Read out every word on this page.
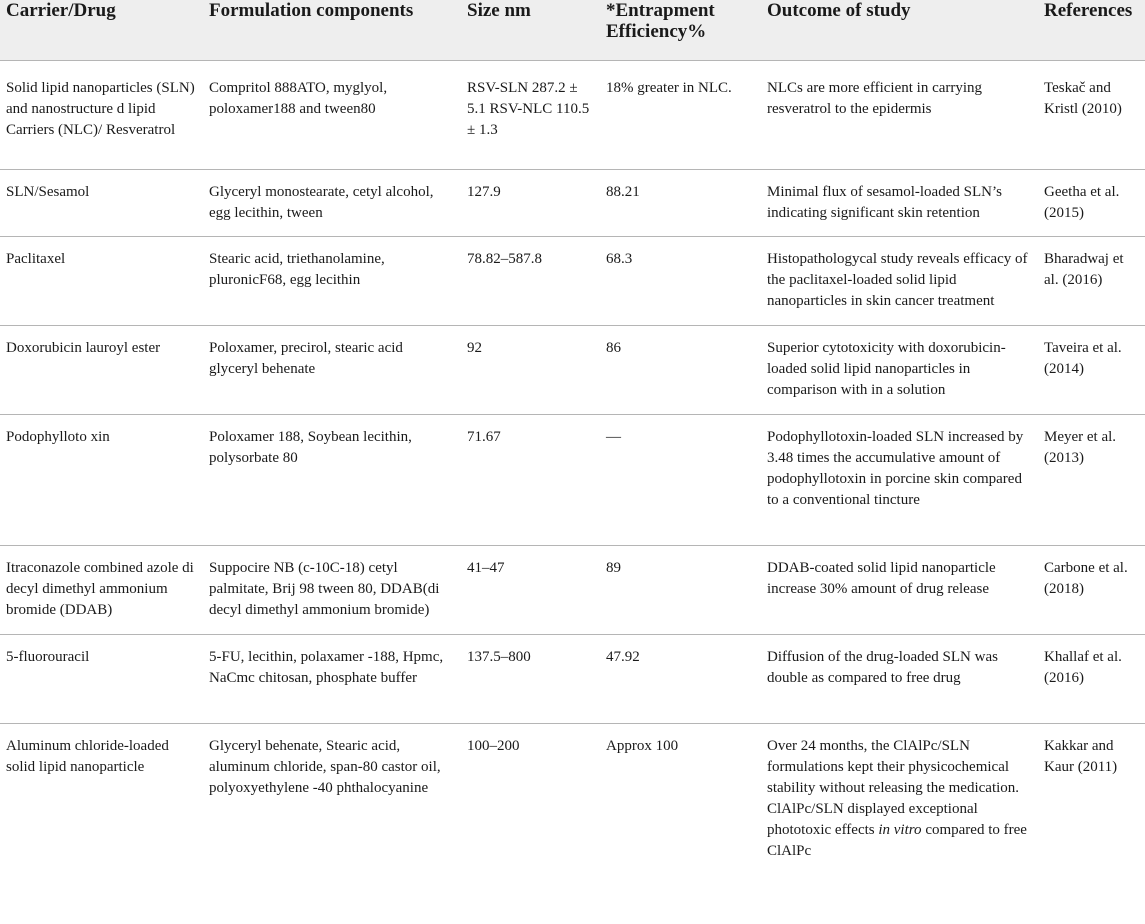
Carrier/Drug	Formulation components	Size nm	*Entrapment Efficiency%	Outcome of study	References
Solid lipid nanoparticles (SLN) and nanostructure d lipid Carriers (NLC)/ Resveratrol	Compritol 888ATO, myglyol, poloxamer188 and tween80	RSV-SLN 287.2 ± 5.1 RSV-NLC 110.5 ± 1.3	18% greater in NLC.	NLCs are more efficient in carrying resveratrol to the epidermis	Teskač and Kristl (2010)
SLN/Sesamol	Glyceryl monostearate, cetyl alcohol, egg lecithin, tween	127.9	88.21	Minimal flux of sesamol-loaded SLN’s indicating significant skin retention	Geetha et al. (2015)
Paclitaxel	Stearic acid, triethanolamine, pluronicF68, egg lecithin	78.82–587.8	68.3	Histopathologycal study reveals efficacy of the paclitaxel-loaded solid lipid nanoparticles in skin cancer treatment	Bharadwaj et al. (2016)
Doxorubicin lauroyl ester	Poloxamer, precirol, stearic acid glyceryl behenate	92	86	Superior cytotoxicity with doxorubicin-loaded solid lipid nanoparticles in comparison with in a solution	Taveira et al. (2014)
Podophylloto xin	Poloxamer 188, Soybean lecithin, polysorbate 80	71.67	—	Podophyllotoxin-loaded SLN increased by 3.48 times the accumulative amount of podophyllotoxin in porcine skin compared to a conventional tincture	Meyer et al. (2013)
Itraconazole combined azole di decyl dimethyl ammonium bromide (DDAB)	Suppocire NB (c-10C-18) cetyl palmitate, Brij 98 tween 80, DDAB(di decyl dimethyl ammonium bromide)	41–47	89	DDAB-coated solid lipid nanoparticle increase 30% amount of drug release	Carbone et al. (2018)
5-fluorouracil	5-FU, lecithin, polaxamer -188, Hpmc, NaCmc chitosan, phosphate buffer	137.5–800	47.92	Diffusion of the drug-loaded SLN was double as compared to free drug	Khallaf et al. (2016)
Aluminum chloride-loaded solid lipid nanoparticle	Glyceryl behenate, Stearic acid, aluminum chloride, span-80 castor oil, polyoxyethylene -40 phthalocyanine	100–200	Approx 100	Over 24 months, the ClAlPc/SLN formulations kept their physicochemical stability without releasing the medication. ClAlPc/SLN displayed exceptional phototoxic effects in vitro compared to free ClAlPc	Kakkar and Kaur (2011)
